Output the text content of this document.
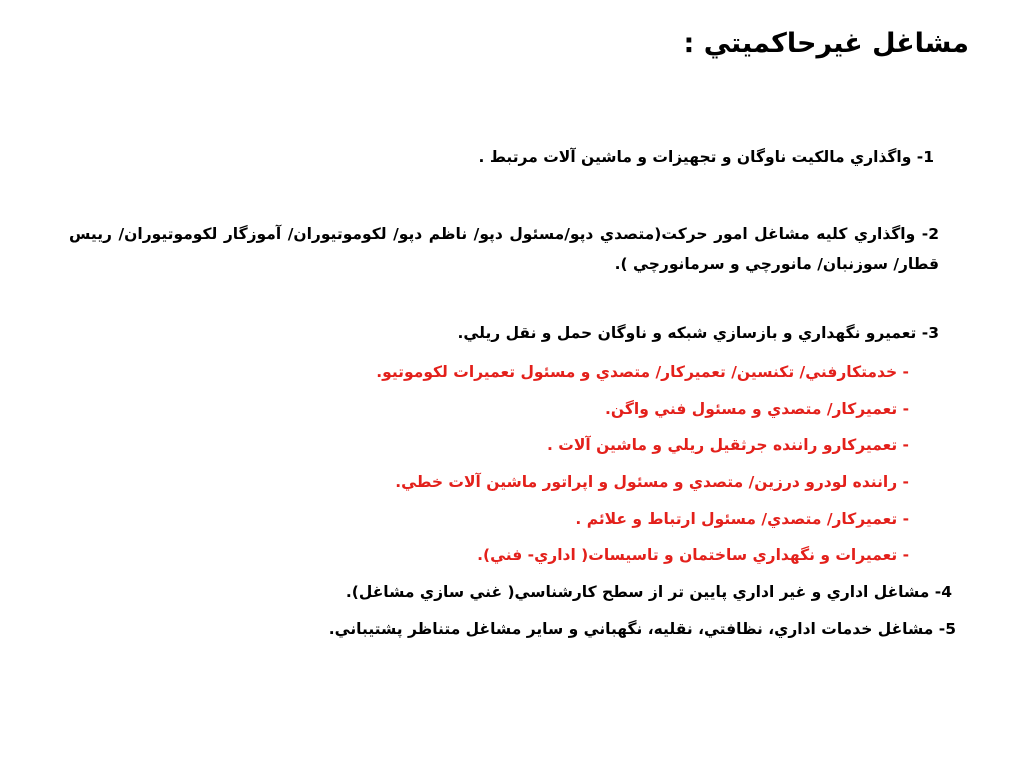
مشاغل غيرحاكميتي :
1- واگذاري مالكيت ناوگان و تجهيزات و ماشين آلات مرتبط .
2- واگذاري كليه مشاغل امور حركت(متصدي دپو/مسئول دپو/ ناظم دپو/ لكوموتيوران/ آموزگار لكوموتيوران/ رييس قطار/ سوزنبان/ مانورچي و سرمانورچي ).
3- تعميرو نگهداري و بازسازي شبكه و ناوگان حمل و نقل ريلي.
- خدمتكارفني/ تكنسين/ تعميركار/ متصدي و مسئول تعميرات لكوموتيو.
- تعميركار/ متصدي و مسئول فني واگن.
- تعميركارو راننده جرثقيل ريلي و ماشين آلات .
- راننده لودرو درزين/ متصدي و مسئول و اپراتور ماشين آلات خطي.
- تعميركار/ متصدي/ مسئول ارتباط و علائم .
- تعميرات و نگهداري ساختمان و تاسيسات( اداري- فني).
4- مشاغل اداري و غير اداري پايين تر از سطح كارشناسي( غني سازي مشاغل).
5- مشاغل خدمات اداري، نظافتي، نقليه، نگهباني و ساير مشاغل متناظر پشتيباني.
